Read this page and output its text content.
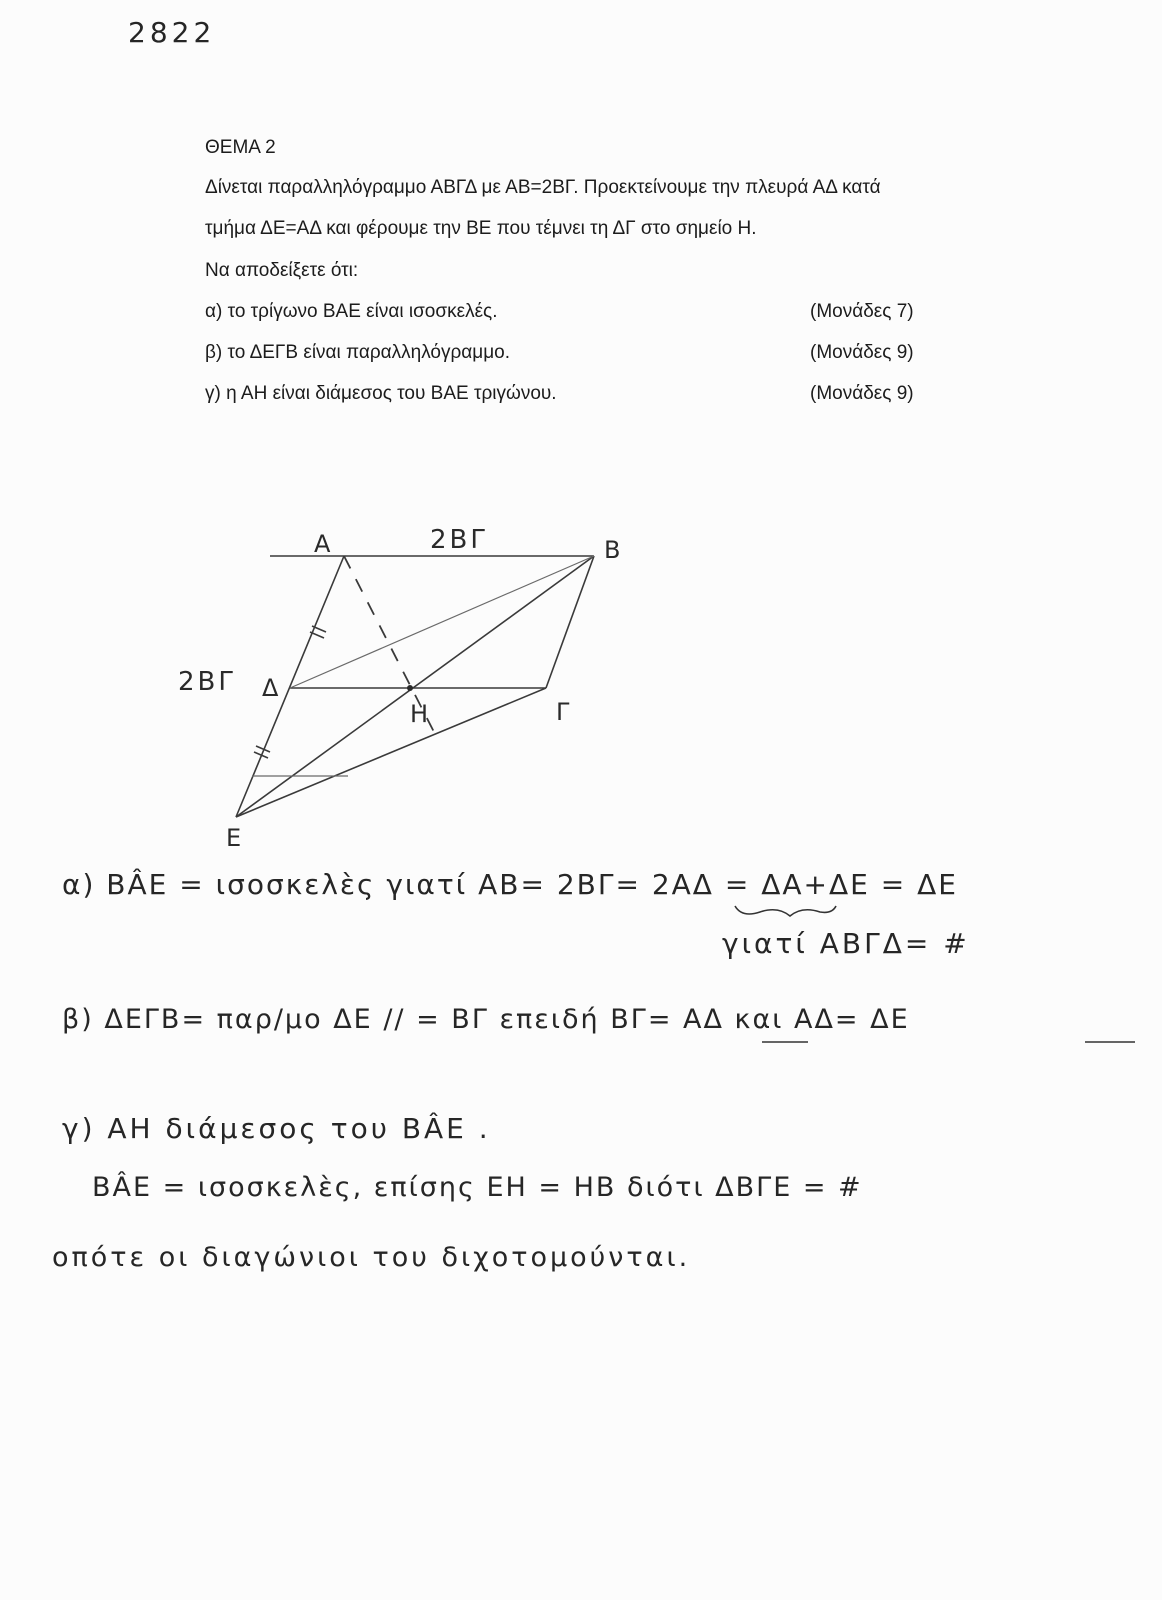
2822
ΘΕΜΑ 2
Δίνεται παραλληλόγραμμο ΑΒΓΔ με ΑΒ=2ΒΓ. Προεκτείνουμε την πλευρά ΑΔ κατά
τμήμα ΔΕ=ΑΔ και φέρουμε την ΒΕ που τέμνει τη ΔΓ στο σημείο Η.
Να αποδείξετε ότι:
α) το τρίγωνο ΒΑΕ είναι ισοσκελές.	(Μονάδες 7)
β) το ΔΕΓΒ είναι παραλληλόγραμμο.	(Μονάδες 9)
γ) η ΑΗ είναι διάμεσος του ΒΑΕ τριγώνου.	(Μονάδες 9)
Α	Β
Γ
Δ
Ε
Η
2ΒΓ
2ΒΓ
α) ΒÂΕ = ισοσκελὲς γιατί ΑΒ= 2ΒΓ= 2ΑΔ = ΔΑ+ΔΕ = ΔΕ
γιατί ΑΒΓΔ= #
β) ΔΕΓΒ= παρ/μο ΔΕ // = ΒΓ επειδή ΒΓ= ΑΔ και ΑΔ= ΔΕ
γ) ΑΗ διάμεσος του ΒÂΕ .
ΒÂΕ = ισοσκελὲς, επίσης ΕΗ = ΗΒ διότι ΔΒΓΕ = #
οπότε οι διαγώνιοι του διχοτομούνται.
